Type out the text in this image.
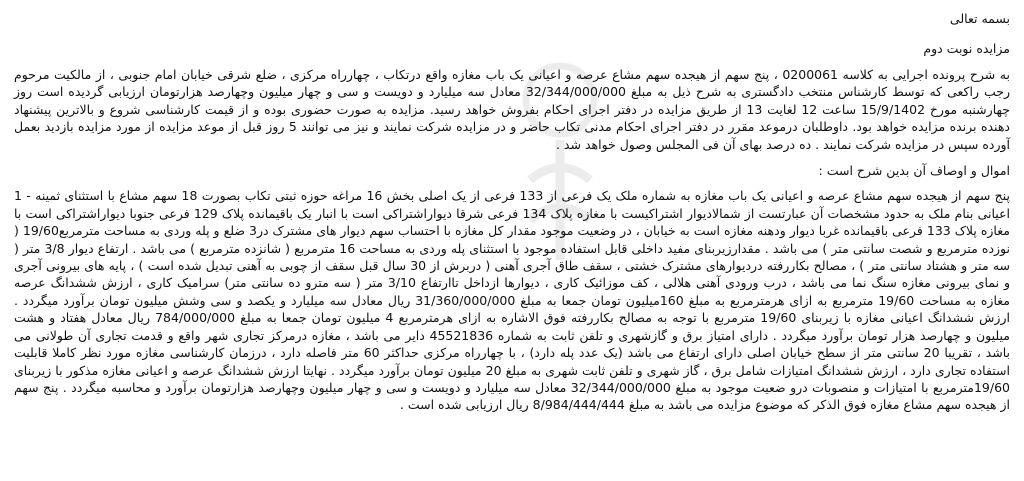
بسمه تعالی

مزایده نوبت دوم

به شرح پرونده اجرایی به کلاسه 0200061 ، پنج سهم از هیجده سهم مشاع عرصه و اعیانی یک باب مغازه واقع درتکاب ، چهارراه مرکزی ، ضلع شرقی خیابان امام جنوبی ، از مالکیت مرحوم رجب راکعی که توسط کارشناس منتخب دادگستری به شرح ذیل به مبلغ 32/344/000/000 معادل سه میلیارد و دویست و سی و چهار میلیون وچهارصد هزارتومان ارزیابی گردیده است روز چهارشنبه مورخ 15/9/1402 ساعت 12 لغایت 13 از طریق مزایده در دفتر اجرای احکام بفروش خواهد رسید. مزایده به صورت حضوری بوده و از قیمت کارشناسی شروع و بالاترین پیشنهاد دهنده برنده مزایده خواهد بود. داوطلبان درموعد مقرر در دفتر اجرای احکام مدنی تکاب حاضر و در مزایده شرکت نمایند و نیز می توانند 5 روز قبل از موعد مزایده از مورد مزایده بازدید بعمل آورده سپس در مزایده شرکت نمایند . ده درصد بهای آن فی المجلس وصول خواهد شد .

اموال و اوصاف آن بدین شرح است :

پنج سهم از هیجده سهم مشاع عرصه و اعیانی یک باب مغازه به شماره ملک یک فرعی از 133 فرعی از یک اصلی بخش 16 مراغه حوزه ثبتی تکاب بصورت 18 سهم مشاع با استثنای ثمینه - 1 اعیانی بنام ملک به حدود مشخصات آن عبارتست از شمالادیوار اشتراکیست با مغازه پلاک 134 فرعی شرقا دیواراشتراکی است با انبار یک باقیمانده پلاک 129 فرعی جنوبا دیواراشتراکی است با مغازه پلاک 133 فرعی باقیمانده غربا دیوار ودهنه مغازه است به خیابان ، در وضعیت موجود مقدار کل مغازه با احتساب سهم دیوار های مشترک در3 ضلع و پله وردی به مساحت مترمربع19/60 ( نوزده مترمربع و شصت سانتی متر ) می باشد . مقدارزیربنای مفید داخلی قابل استفاده موجود با استثنای پله وردی به مساحت 16 مترمربع ( شانزده مترمربع ) می باشد . ارتفاع دیوار 3/8 متر ( سه متر و هشتاد سانتی متر ) ، مصالح بکاررفته دردیوارهای مشترک خشتی ، سقف طاق آجری آهنی ( دربرش از 30 سال قبل سقف از چوبی به آهنی تبدیل شده است ) ، پایه های بیرونی آجری و نمای بیرونی مغازه سنگ نما می باشد ، درب ورودی آهنی هلالی ، کف موزائیک کاری ، دیوارها ازداخل تاارتفاع 3/10 متر ( سه مترو ده سانتی متر) سرامیک کاری ، ارزش ششدانگ عرصه مغازه به مساحت 19/60 مترمربع به ازای هرمترمربع به مبلغ 160میلیون تومان جمعا به مبلغ 31/360/000/000 ریال معادل سه میلیارد و یکصد و سی وشش میلیون تومان برآورد میگردد . ارزش ششدانگ اعیانی مغازه با زیربنای 19/60 مترمربع با توجه به مصالح بکاررفته فوق الاشاره به ازای هرمترمربع 4 میلیون تومان جمعا به مبلغ 784/000/000 ریال معادل هفتاد و هشت میلیون و چهارصد هزار تومان برآورد میگردد . دارای امتیاز برق و گازشهری و تلفن ثابت به شماره 45521836 دایر می باشد ، مغازه درمرکز تجاری شهر واقع و قدمت تجاری آن طولانی می باشد ، تقریبا 20 سانتی متر از سطح خیابان اصلی دارای ارتفاع می باشد (یک عدد پله دارد) ، با چهارراه مرکزی حداکثر 60 متر فاصله دارد ، درزمان کارشناسی مغازه مورد نظر کاملا قابلیت استفاده تجاری دارد ، ارزش ششدانگ امتیازات شامل برق ، گاز شهری و تلفن ثابت شهری به مبلغ 20 میلیون تومان برآورد میگردد . نهایتا ارزش ششدانگ عرصه و اعیانی مغازه مذکور با زیربنای 19/60مترمربع با امتیازات و منصوبات درو ضعیت موجود به مبلغ 32/344/000/000 معادل سه میلیارد و دویست و سی و چهار میلیون وچهارصد هزارتومان برآورد و محاسبه میگردد . پنج سهم از هیجده سهم مشاع مغازه فوق الذکر که موضوع مزایده می باشد به مبلغ 8/984/444/444 ریال ارزیابی شده است .
